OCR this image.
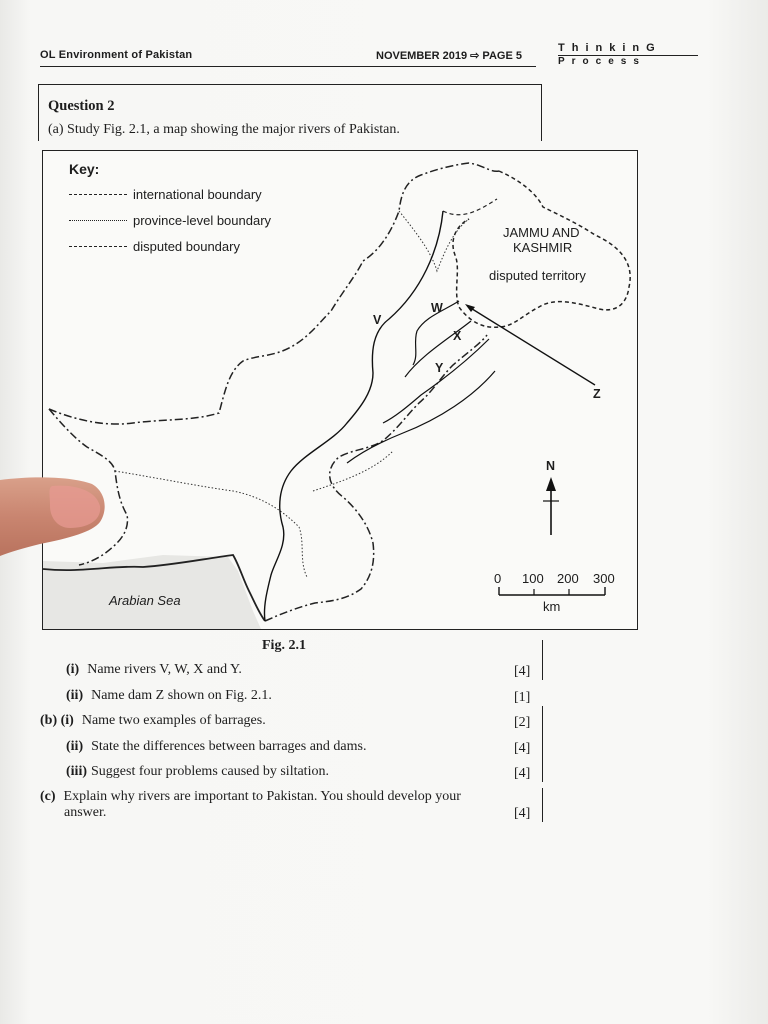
OL Environment of Pakistan	NOVEMBER 2019 ⇨ PAGE 5
ThinkinG
Process
Question 2
(a) Study Fig. 2.1, a map showing the major rivers of Pakistan.
Key:
international boundary
province-level boundary
disputed boundary
JAMMU AND
KASHMIR
disputed territory
V
W
X
Y
Z
N
Arabian Sea
0 100 200 300
km
Fig. 2.1
(i) Name rivers V, W, X and Y.	[4]
(ii) Name dam Z shown on Fig. 2.1.	[1]
(b) (i) Name two examples of barrages.	[2]
(ii) State the differences between barrages and dams.	[4]
(iii) Suggest four problems caused by siltation.	[4]
(c) Explain why rivers are important to Pakistan. You should develop your
answer.	[4]
